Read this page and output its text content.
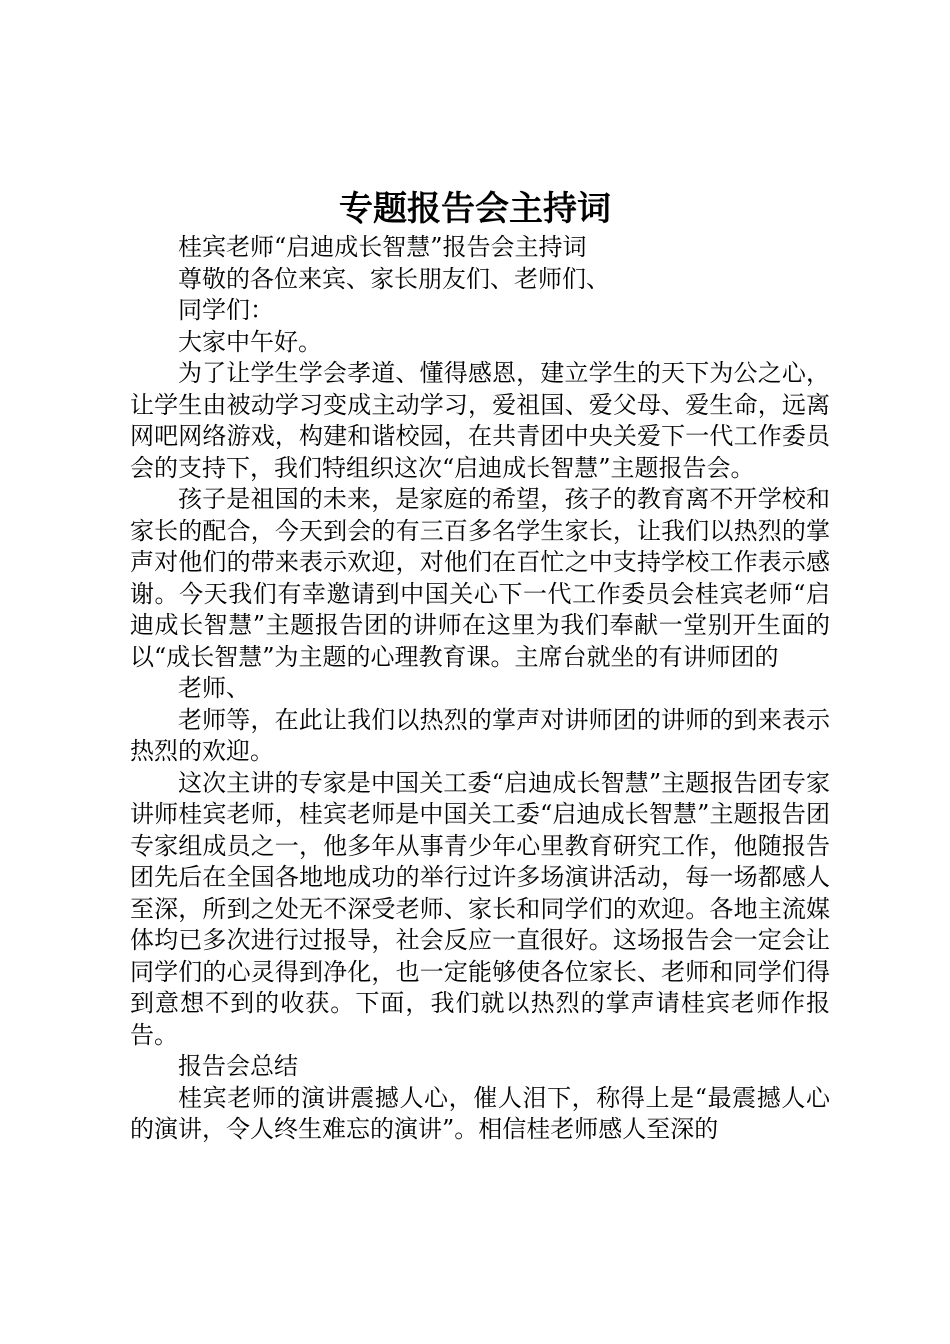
专题报告会主持词

桂宾老师“启迪成长智慧”报告会主持词

尊敬的各位来宾、家长朋友们、老师们、

同学们：

大家中午好。

为了让学生学会孝道、懂得感恩，建立学生的天下为公之心，让学生由被动学习变成主动学习，爱祖国、爱父母、爱生命，远离网吧网络游戏，构建和谐校园，在共青团中央关爱下一代工作委员会的支持下，我们特组织这次“启迪成长智慧”主题报告会。

孩子是祖国的未来，是家庭的希望，孩子的教育离不开学校和家长的配合，今天到会的有三百多名学生家长，让我们以热烈的掌声对他们的带来表示欢迎，对他们在百忙之中支持学校工作表示感谢。今天我们有幸邀请到中国关心下一代工作委员会桂宾老师“启迪成长智慧”主题报告团的讲师在这里为我们奉献一堂别开生面的以“成长智慧”为主题的心理教育课。主席台就坐的有讲师团的

老师、

老师等，在此让我们以热烈的掌声对讲师团的讲师的到来表示热烈的欢迎。

这次主讲的专家是中国关工委“启迪成长智慧”主题报告团专家讲师桂宾老师，桂宾老师是中国关工委“启迪成长智慧”主题报告团专家组成员之一，他多年从事青少年心里教育研究工作，他随报告团先后在全国各地地成功的举行过许多场演讲活动，每一场都感人至深，所到之处无不深受老师、家长和同学们的欢迎。各地主流媒体均已多次进行过报导，社会反应一直很好。这场报告会一定会让同学们的心灵得到净化，也一定能够使各位家长、老师和同学们得到意想不到的收获。下面，我们就以热烈的掌声请桂宾老师作报告。

报告会总结

桂宾老师的演讲震撼人心，催人泪下，称得上是“最震撼人心的演讲，令人终生难忘的演讲”。相信桂老师感人至深的
